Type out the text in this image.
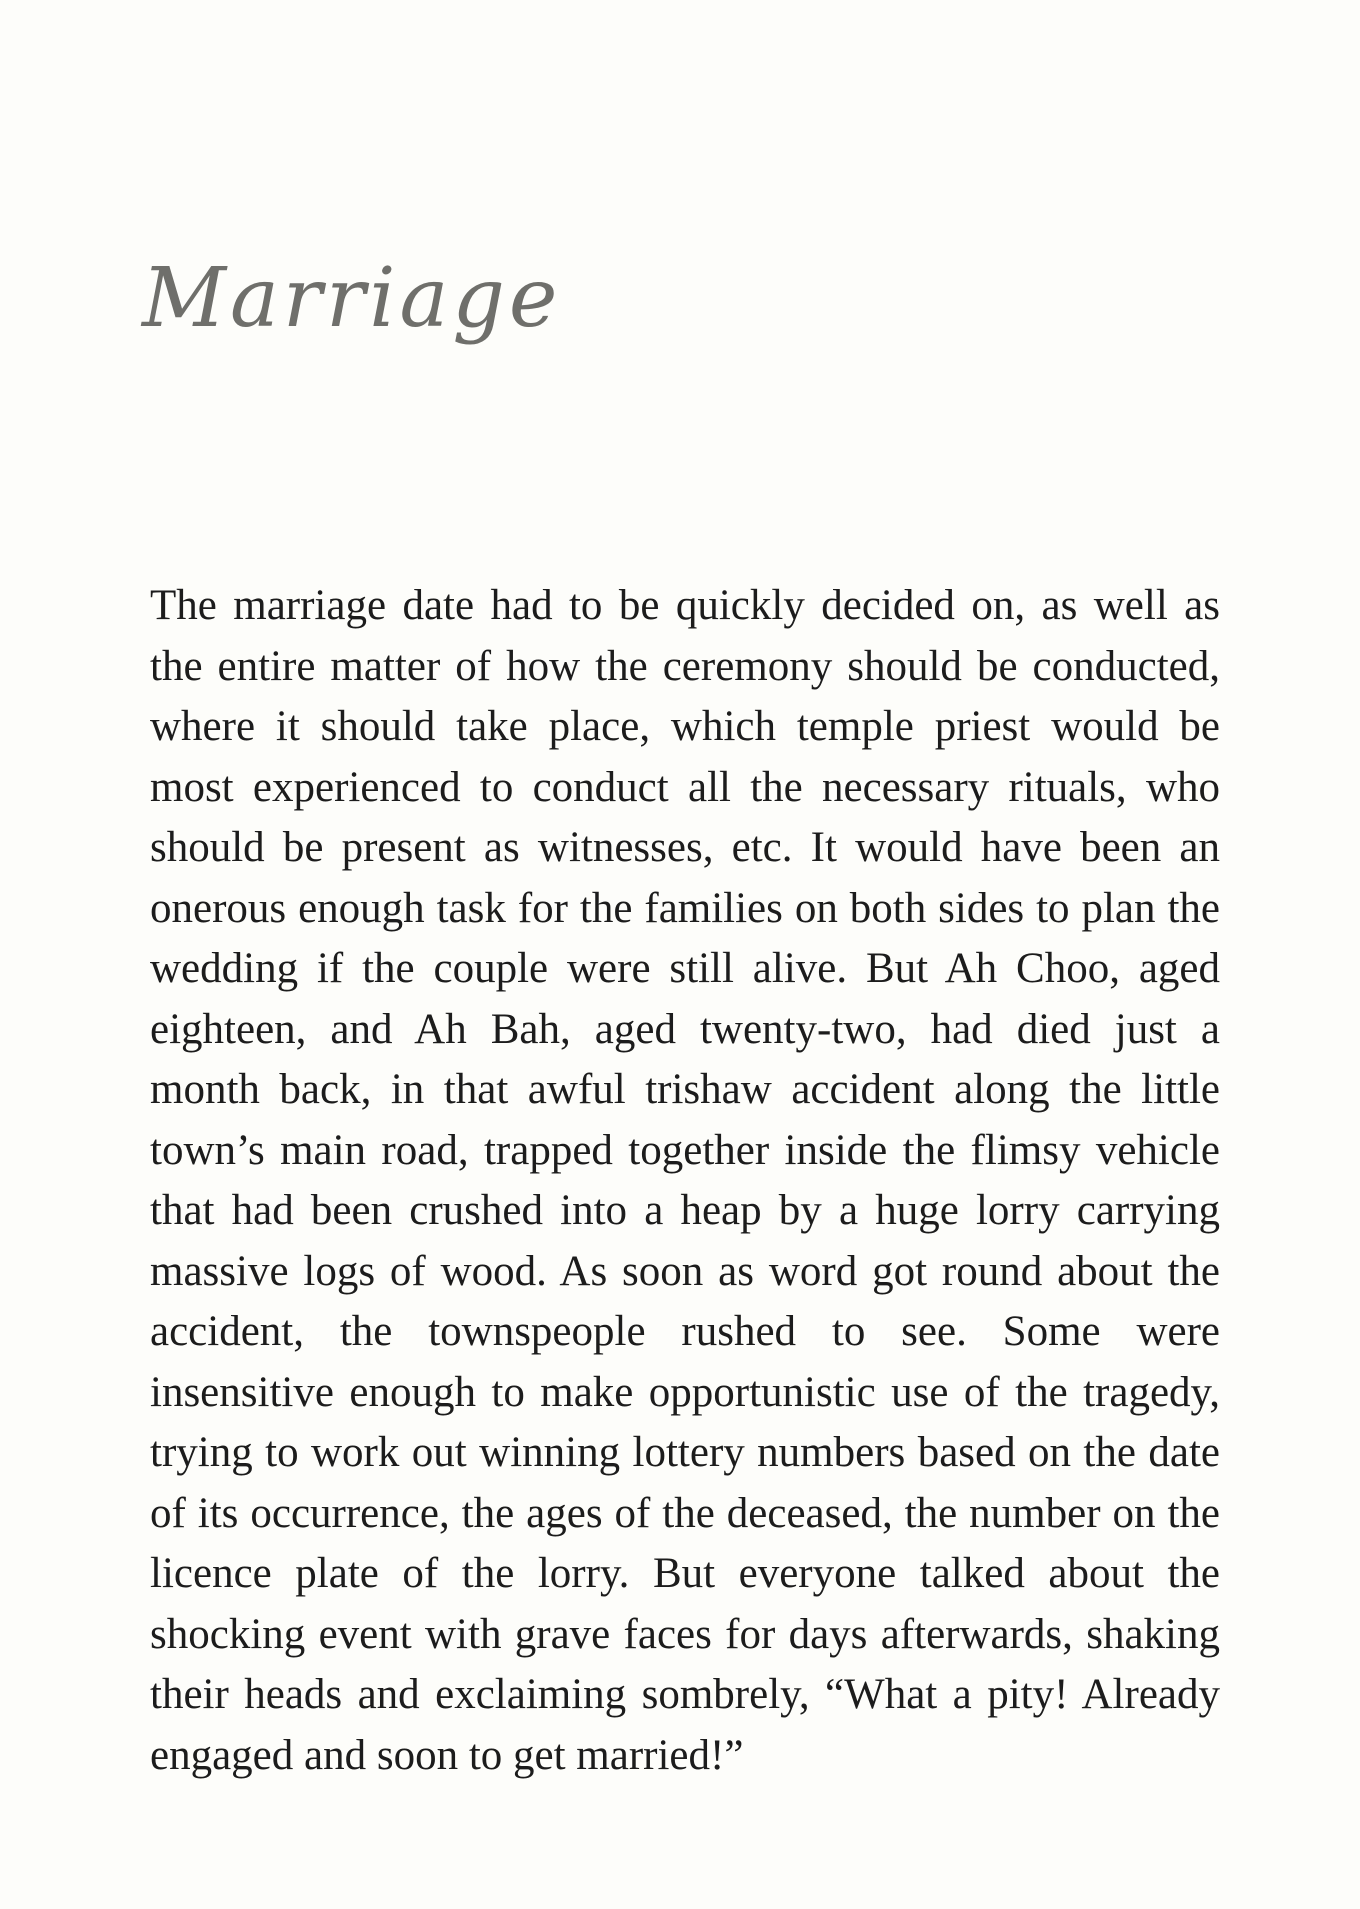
Marriage

The marriage date had to be quickly decided on, as well as the entire matter of how the ceremony should be conducted, where it should take place, which temple priest would be most experienced to conduct all the necessary rituals, who should be present as witnesses, etc. It would have been an onerous enough task for the families on both sides to plan the wedding if the couple were still alive. But Ah Choo, aged eighteen, and Ah Bah, aged twenty-two, had died just a month back, in that awful trishaw accident along the little town’s main road, trapped together inside the flimsy vehicle that had been crushed into a heap by a huge lorry carrying massive logs of wood. As soon as word got round about the accident, the townspeople rushed to see. Some were insensitive enough to make opportunistic use of the tragedy, trying to work out winning lottery numbers based on the date of its occurrence, the ages of the deceased, the number on the licence plate of the lorry. But everyone talked about the shocking event with grave faces for days afterwards, shaking their heads and exclaiming sombrely, “What a pity! Already engaged and soon to get married!”
